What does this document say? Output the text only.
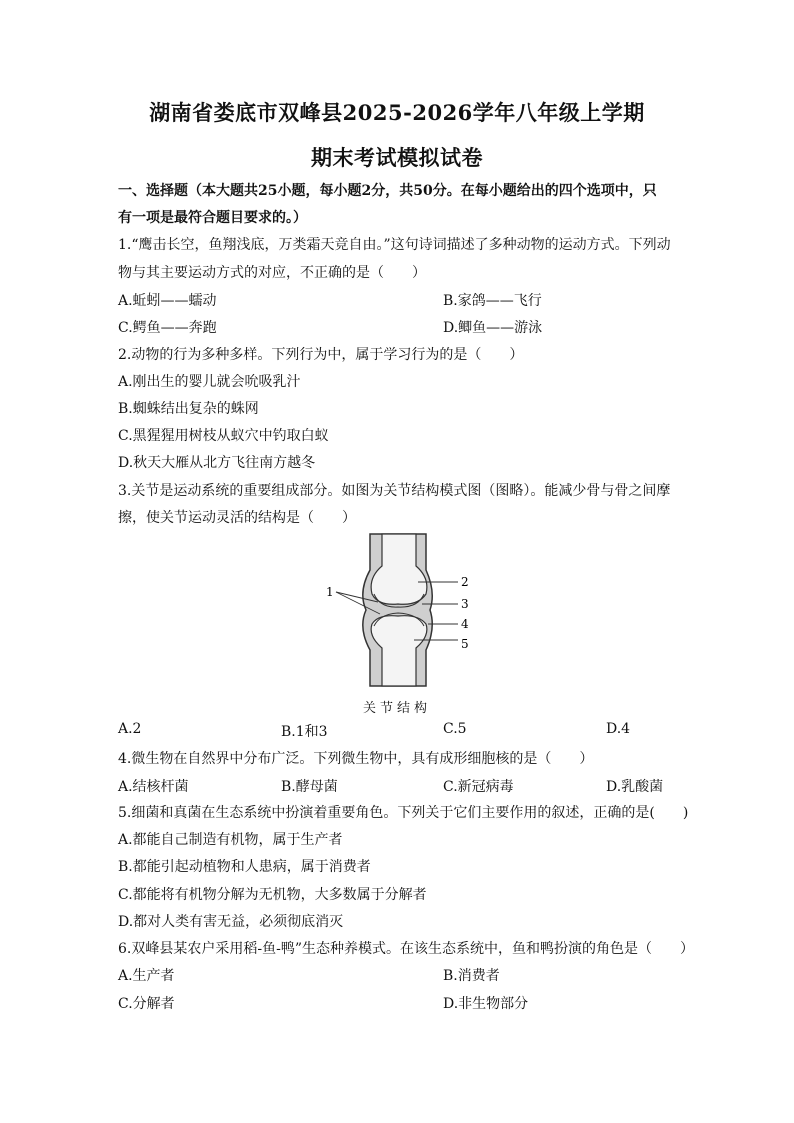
湖南省娄底市双峰县2025-2026学年八年级上学期
期末考试模拟试卷
一、选择题（本大题共25小题，每小题2分，共50分。在每小题给出的四个选项中，只
有一项是最符合题目要求的。）
1.“鹰击长空，鱼翔浅底，万类霜天竞自由。”这句诗词描述了多种动物的运动方式。下列动
物与其主要运动方式的对应，不正确的是（　　）
A.蚯蚓——蠕动	B.家鸽——飞行
C.鳄鱼——奔跑	D.鲫鱼——游泳
2.动物的行为多种多样。下列行为中，属于学习行为的是（　　）
A.刚出生的婴儿就会吮吸乳汁
B.蜘蛛结出复杂的蛛网
C.黑猩猩用树枝从蚁穴中钓取白蚁
D.秋天大雁从北方飞往南方越冬
3.关节是运动系统的重要组成部分。如图为关节结构模式图（图略）。能减少骨与骨之间摩
擦，使关节运动灵活的结构是（　　）
1
2
3
4
5
关节结构
A.2	B.1和3	C.5	D.4
4.微生物在自然界中分布广泛。下列微生物中，具有成形细胞核的是（　　）
A.结核杆菌	B.酵母菌	C.新冠病毒	D.乳酸菌
5.细菌和真菌在生态系统中扮演着重要角色。下列关于它们主要作用的叙述，正确的是(　　)
A.都能自己制造有机物，属于生产者
B.都能引起动植物和人患病，属于消费者
C.都能将有机物分解为无机物，大多数属于分解者
D.都对人类有害无益，必须彻底消灭
6.双峰县某农户采用稻-鱼-鸭”生态种养模式。在该生态系统中，鱼和鸭扮演的角色是（　　）
A.生产者	B.消费者
C.分解者	D.非生物部分
